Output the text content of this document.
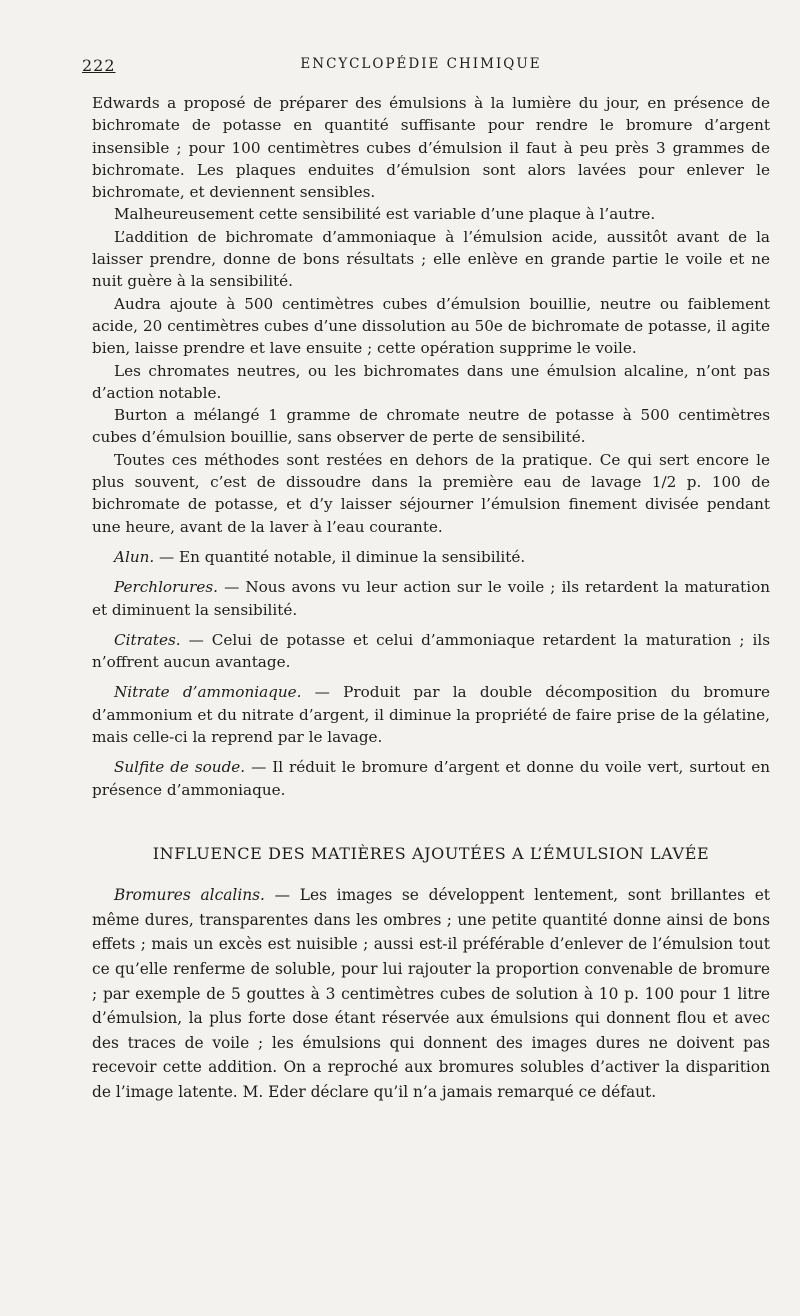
222	ENCYCLOPÉDIE CHIMIQUE

Edwards a proposé de préparer des émulsions à la lumière du jour, en présence de bichromate de potasse en quantité suffisante pour rendre le bromure d’argent insensible ; pour 100 centimètres cubes d’émulsion il faut à peu près 3 grammes de bichromate. Les plaques enduites d’émulsion sont alors lavées pour enlever le bichromate, et deviennent sensibles.

Malheureusement cette sensibilité est variable d’une plaque à l’autre.

L’addition de bichromate d’ammoniaque à l’émulsion acide, aussitôt avant de la laisser prendre, donne de bons résultats ; elle enlève en grande partie le voile et ne nuit guère à la sensibilité.

Audra ajoute à 500 centimètres cubes d’émulsion bouillie, neutre ou faiblement acide, 20 centimètres cubes d’une dissolution au 50e de bichromate de potasse, il agite bien, laisse prendre et lave ensuite ; cette opération supprime le voile.

Les chromates neutres, ou les bichromates dans une émulsion alcaline, n’ont pas d’action notable.

Burton a mélangé 1 gramme de chromate neutre de potasse à 500 centimètres cubes d’émulsion bouillie, sans observer de perte de sensibilité.

Toutes ces méthodes sont restées en dehors de la pratique. Ce qui sert encore le plus souvent, c’est de dissoudre dans la première eau de lavage 1/2 p. 100 de bichromate de potasse, et d’y laisser séjourner l’émulsion finement divisée pendant une heure, avant de la laver à l’eau courante.

Alun. — En quantité notable, il diminue la sensibilité.

Perchlorures. — Nous avons vu leur action sur le voile ; ils retardent la maturation et diminuent la sensibilité.

Citrates. — Celui de potasse et celui d’ammoniaque retardent la maturation ; ils n’offrent aucun avantage.

Nitrate d’ammoniaque. — Produit par la double décomposition du bromure d’ammonium et du nitrate d’argent, il diminue la propriété de faire prise de la gélatine, mais celle-ci la reprend par le lavage.

Sulfite de soude. — Il réduit le bromure d’argent et donne du voile vert, surtout en présence d’ammoniaque.

INFLUENCE DES MATIÈRES AJOUTÉES A L’ÉMULSION LAVÉE

Bromures alcalins. — Les images se développent lentement, sont brillantes et même dures, transparentes dans les ombres ; une petite quantité donne ainsi de bons effets ; mais un excès est nuisible ; aussi est-il préférable d’enlever de l’émulsion tout ce qu’elle renferme de soluble, pour lui rajouter la proportion convenable de bromure ; par exemple de 5 gouttes à 3 centimètres cubes de solution à 10 p. 100 pour 1 litre d’émulsion, la plus forte dose étant réservée aux émulsions qui donnent flou et avec des traces de voile ; les émulsions qui donnent des images dures ne doivent pas recevoir cette addition. On a reproché aux bromures solubles d’activer la disparition de l’image latente. M. Eder déclare qu’il n’a jamais remarqué ce défaut.
